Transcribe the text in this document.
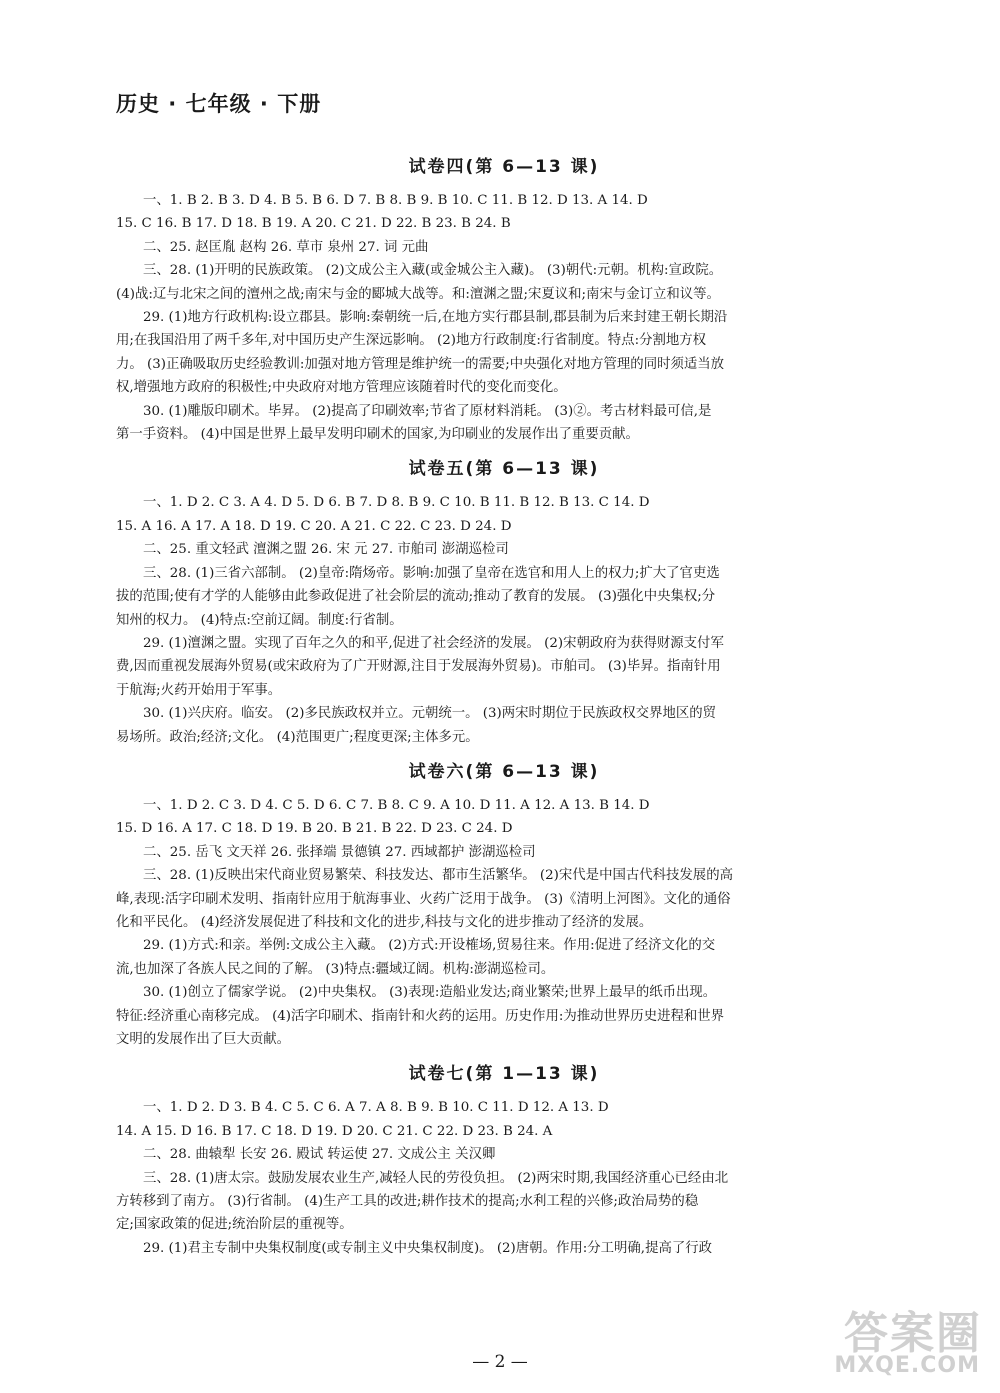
历史 · 七年级 · 下册
试卷四(第 6—13 课)
一、1. B 2. B 3. D 4. B 5. B 6. D 7. B 8. B 9. B 10. C 11. B 12. D 13. A 14. D
15. C 16. B 17. D 18. B 19. A 20. C 21. D 22. B 23. B 24. B
二、25. 赵匡胤 赵构 26. 草市 泉州 27. 词 元曲
三、28. (1)开明的民族政策。 (2)文成公主入藏(或金城公主入藏)。 (3)朝代:元朝。机构:宣政院。
(4)战:辽与北宋之间的澶州之战;南宋与金的郾城大战等。和:澶渊之盟;宋夏议和;南宋与金订立和议等。
29. (1)地方行政机构:设立郡县。影响:秦朝统一后,在地方实行郡县制,郡县制为后来封建王朝长期沿
用;在我国沿用了两千多年,对中国历史产生深远影响。 (2)地方行政制度:行省制度。特点:分割地方权
力。 (3)正确吸取历史经验教训:加强对地方管理是维护统一的需要;中央强化对地方管理的同时须适当放
权,增强地方政府的积极性;中央政府对地方管理应该随着时代的变化而变化。
30. (1)雕版印刷术。毕昇。 (2)提高了印刷效率;节省了原材料消耗。 (3)②。考古材料最可信,是
第一手资料。 (4)中国是世界上最早发明印刷术的国家,为印刷业的发展作出了重要贡献。
试卷五(第 6—13 课)
一、1. D 2. C 3. A 4. D 5. D 6. B 7. D 8. B 9. C 10. B 11. B 12. B 13. C 14. D
15. A 16. A 17. A 18. D 19. C 20. A 21. C 22. C 23. D 24. D
二、25. 重文轻武 澶渊之盟 26. 宋 元 27. 市舶司 澎湖巡检司
三、28. (1)三省六部制。 (2)皇帝:隋炀帝。影响:加强了皇帝在选官和用人上的权力;扩大了官吏选
拔的范围;使有才学的人能够由此参政促进了社会阶层的流动;推动了教育的发展。 (3)强化中央集权;分
知州的权力。 (4)特点:空前辽阔。制度:行省制。
29. (1)澶渊之盟。实现了百年之久的和平,促进了社会经济的发展。 (2)宋朝政府为获得财源支付军
费,因而重视发展海外贸易(或宋政府为了广开财源,注目于发展海外贸易)。市舶司。 (3)毕昇。指南针用
于航海;火药开始用于军事。
30. (1)兴庆府。临安。 (2)多民族政权并立。元朝统一。 (3)两宋时期位于民族政权交界地区的贸
易场所。政治;经济;文化。 (4)范围更广;程度更深;主体多元。
试卷六(第 6—13 课)
一、1. D 2. C 3. D 4. C 5. D 6. C 7. B 8. C 9. A 10. D 11. A 12. A 13. B 14. D
15. D 16. A 17. C 18. D 19. B 20. B 21. B 22. D 23. C 24. D
二、25. 岳飞 文天祥 26. 张择端 景德镇 27. 西域都护 澎湖巡检司
三、28. (1)反映出宋代商业贸易繁荣、科技发达、都市生活繁华。 (2)宋代是中国古代科技发展的高
峰,表现:活字印刷术发明、指南针应用于航海事业、火药广泛用于战争。 (3)《清明上河图》。文化的通俗
化和平民化。 (4)经济发展促进了科技和文化的进步,科技与文化的进步推动了经济的发展。
29. (1)方式:和亲。举例:文成公主入藏。 (2)方式:开设榷场,贸易往来。作用:促进了经济文化的交
流,也加深了各族人民之间的了解。 (3)特点:疆域辽阔。机构:澎湖巡检司。
30. (1)创立了儒家学说。 (2)中央集权。 (3)表现:造船业发达;商业繁荣;世界上最早的纸币出现。
特征:经济重心南移完成。 (4)活字印刷术、指南针和火药的运用。历史作用:为推动世界历史进程和世界
文明的发展作出了巨大贡献。
试卷七(第 1—13 课)
一、1. D 2. D 3. B 4. C 5. C 6. A 7. A 8. B 9. B 10. C 11. D 12. A 13. D
14. A 15. D 16. B 17. C 18. D 19. D 20. C 21. C 22. D 23. B 24. A
二、28. 曲辕犁 长安 26. 殿试 转运使 27. 文成公主 关汉卿
三、28. (1)唐太宗。鼓励发展农业生产,减轻人民的劳役负担。 (2)两宋时期,我国经济重心已经由北
方转移到了南方。 (3)行省制。 (4)生产工具的改进;耕作技术的提高;水利工程的兴修;政治局势的稳
定;国家政策的促进;统治阶层的重视等。
29. (1)君主专制中央集权制度(或专制主义中央集权制度)。 (2)唐朝。作用:分工明确,提高了行政
— 2 —
答案圈
MXQE.COM
